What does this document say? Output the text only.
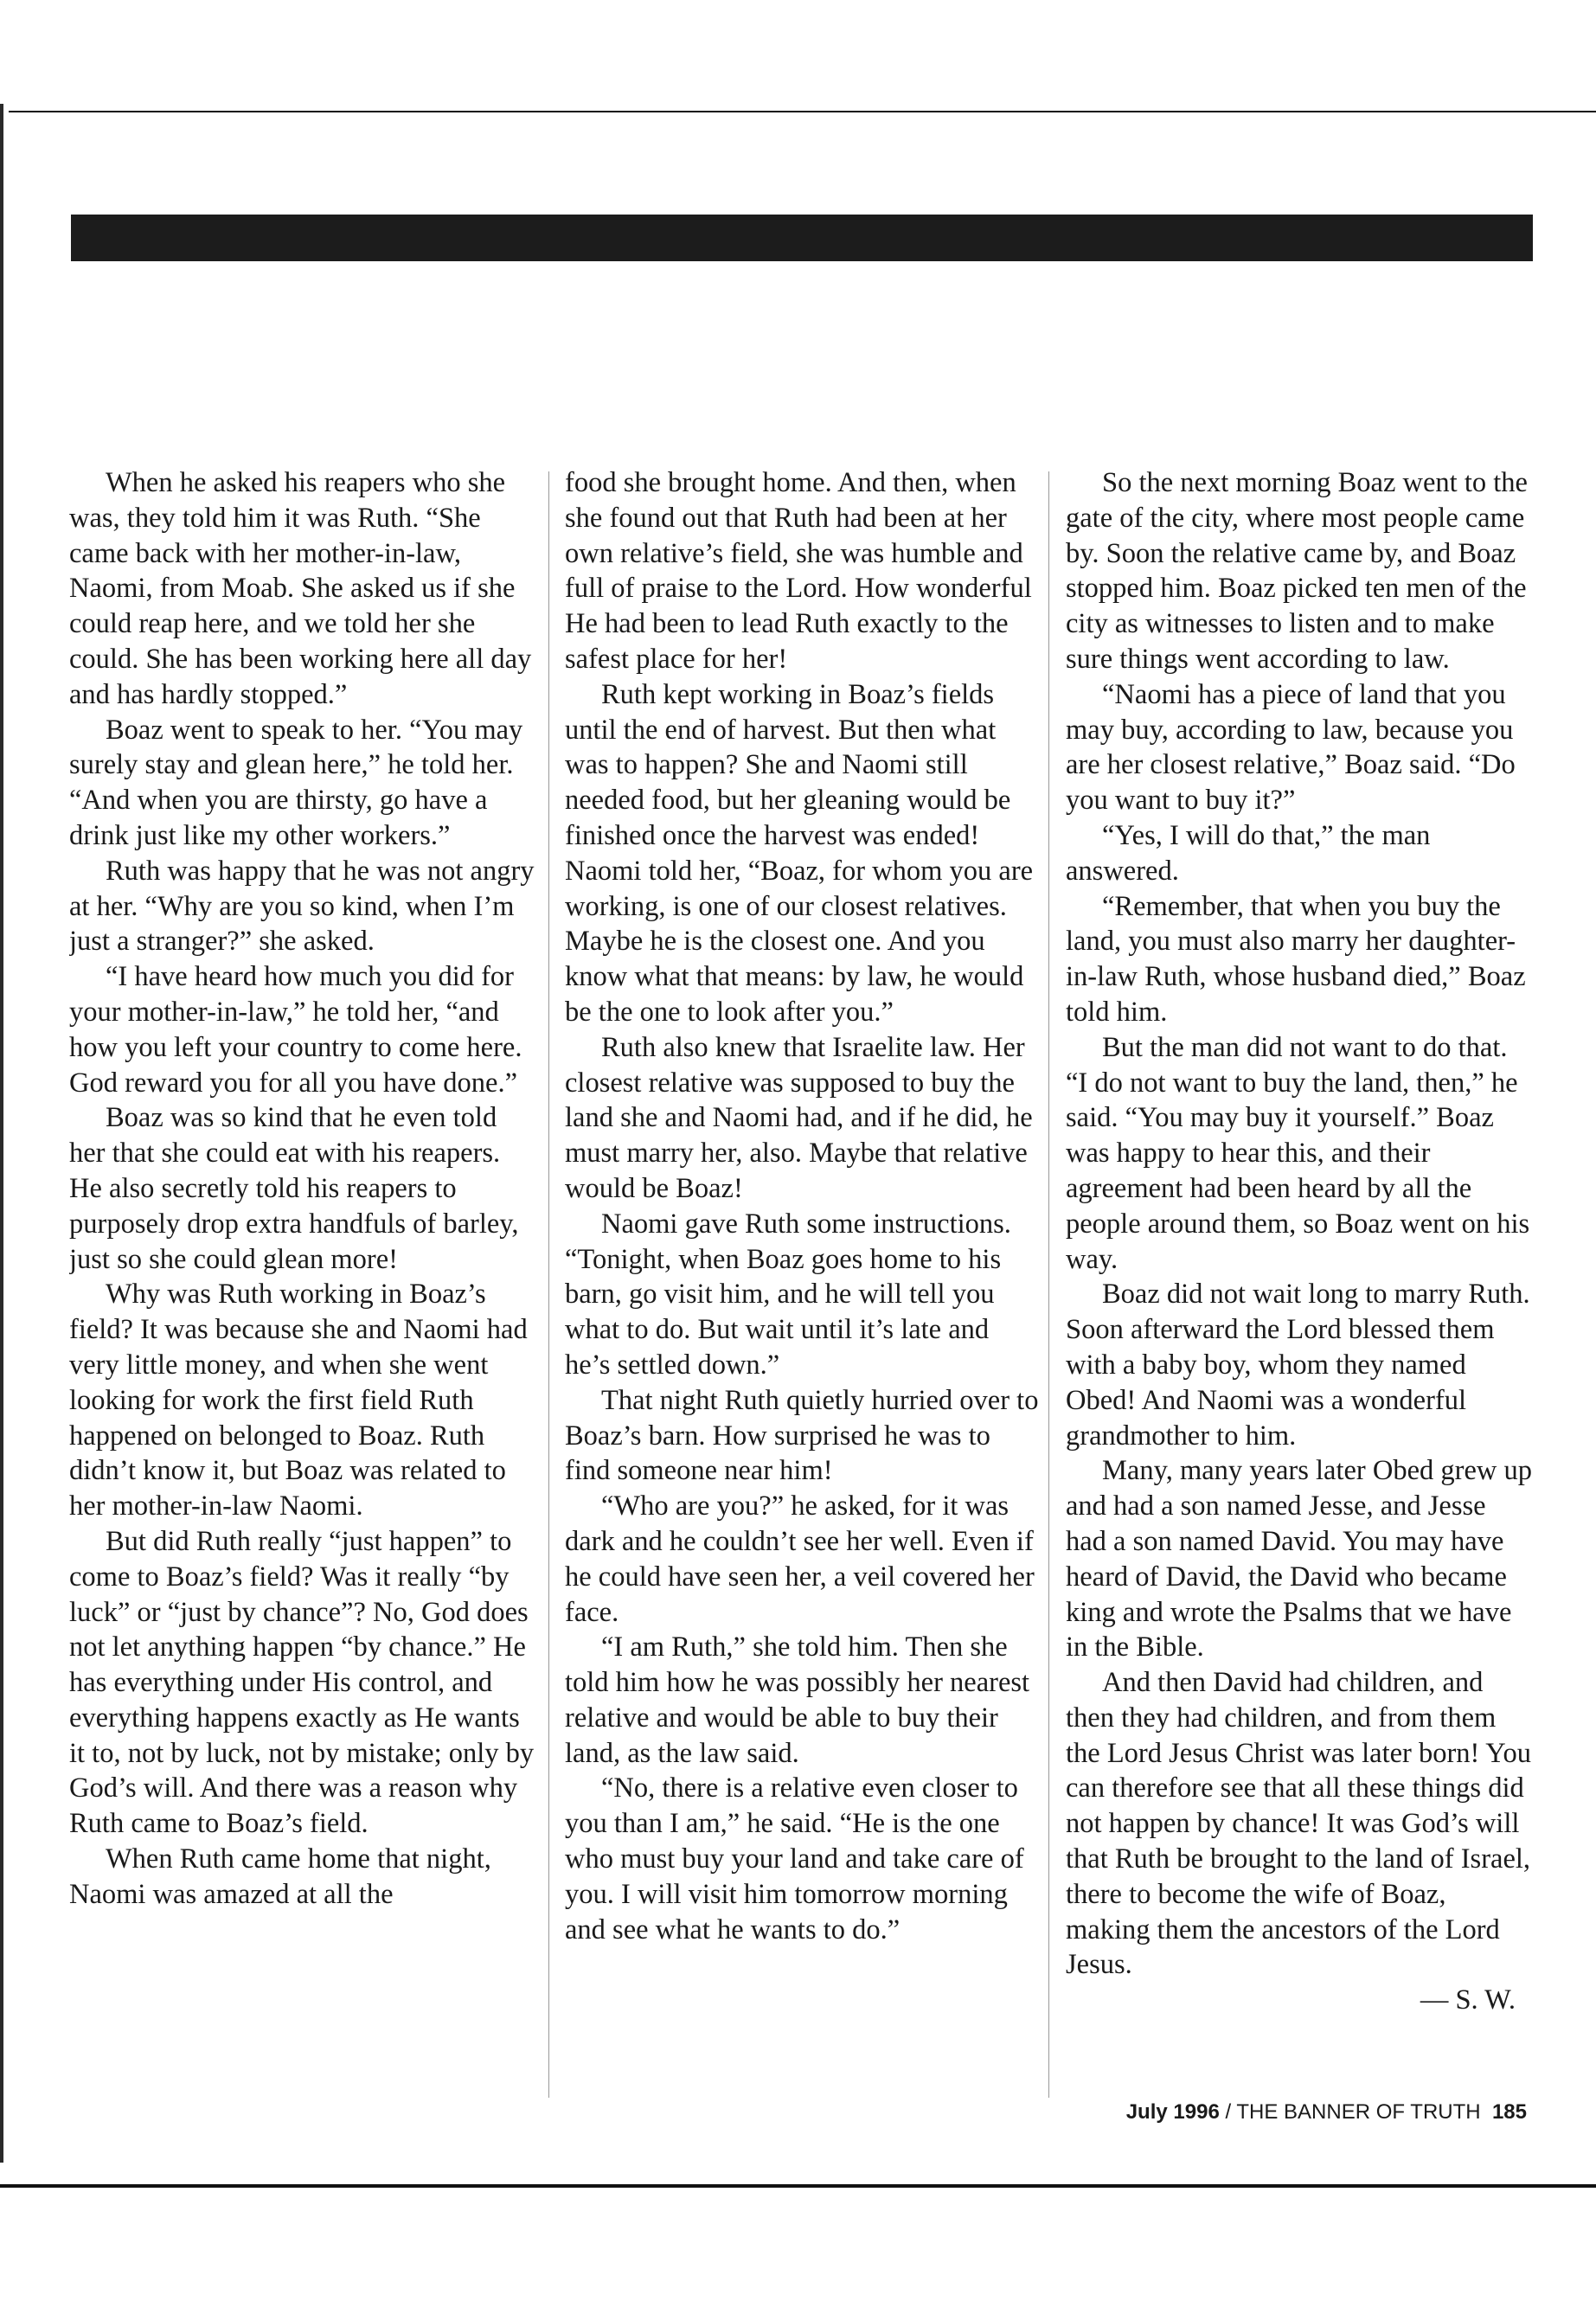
When he asked his reapers who she was, they told him it was Ruth. “She came back with her mother-in-law, Naomi, from Moab. She asked us if she could reap here, and we told her she could. She has been working here all day and has hardly stopped.”

Boaz went to speak to her. “You may surely stay and glean here,” he told her. “And when you are thirsty, go have a drink just like my other workers.”

Ruth was happy that he was not angry at her. “Why are you so kind, when I’m just a stranger?” she asked.

“I have heard how much you did for your mother-in-law,” he told her, “and how you left your country to come here. God reward you for all you have done.”

Boaz was so kind that he even told her that she could eat with his reapers. He also secretly told his reapers to purposely drop extra handfuls of barley, just so she could glean more!

Why was Ruth working in Boaz’s field? It was because she and Naomi had very little money, and when she went looking for work the first field Ruth happened on belonged to Boaz. Ruth didn’t know it, but Boaz was related to her mother-in-law Naomi.

But did Ruth really “just happen” to come to Boaz’s field? Was it really “by luck” or “just by chance”? No, God does not let anything happen “by chance.” He has everything under His control, and everything happens exactly as He wants it to, not by luck, not by mistake; only by God’s will. And there was a reason why Ruth came to Boaz’s field.

When Ruth came home that night, Naomi was amazed at all the

food she brought home. And then, when she found out that Ruth had been at her own relative’s field, she was humble and full of praise to the Lord. How wonderful He had been to lead Ruth exactly to the safest place for her!

Ruth kept working in Boaz’s fields until the end of harvest. But then what was to happen? She and Naomi still needed food, but her gleaning would be finished once the harvest was ended! Naomi told her, “Boaz, for whom you are working, is one of our closest relatives. Maybe he is the closest one. And you know what that means: by law, he would be the one to look after you.”

Ruth also knew that Israelite law. Her closest relative was supposed to buy the land she and Naomi had, and if he did, he must marry her, also. Maybe that relative would be Boaz!

Naomi gave Ruth some instructions. “Tonight, when Boaz goes home to his barn, go visit him, and he will tell you what to do. But wait until it’s late and he’s settled down.”

That night Ruth quietly hurried over to Boaz’s barn. How surprised he was to find someone near him!

“Who are you?” he asked, for it was dark and he couldn’t see her well. Even if he could have seen her, a veil covered her face.

“I am Ruth,” she told him. Then she told him how he was possibly her nearest relative and would be able to buy their land, as the law said.

“No, there is a relative even closer to you than I am,” he said. “He is the one who must buy your land and take care of you. I will visit him tomorrow morning and see what he wants to do.”

So the next morning Boaz went to the gate of the city, where most people came by. Soon the relative came by, and Boaz stopped him. Boaz picked ten men of the city as witnesses to listen and to make sure things went according to law.

“Naomi has a piece of land that you may buy, according to law, because you are her closest relative,” Boaz said. “Do you want to buy it?”

“Yes, I will do that,” the man answered.

“Remember, that when you buy the land, you must also marry her daughter-in-law Ruth, whose husband died,” Boaz told him.

But the man did not want to do that. “I do not want to buy the land, then,” he said. “You may buy it yourself.” Boaz was happy to hear this, and their agreement had been heard by all the people around them, so Boaz went on his way.

Boaz did not wait long to marry Ruth. Soon afterward the Lord blessed them with a baby boy, whom they named Obed! And Naomi was a wonderful grandmother to him.

Many, many years later Obed grew up and had a son named Jesse, and Jesse had a son named David. You may have heard of David, the David who became king and wrote the Psalms that we have in the Bible.

And then David had children, and then they had children, and from them the Lord Jesus Christ was later born! You can therefore see that all these things did not happen by chance! It was God’s will that Ruth be brought to the land of Israel, there to become the wife of Boaz, making them the ancestors of the Lord Jesus.

— S. W.

July 1996 / THE BANNER OF TRUTH 185
